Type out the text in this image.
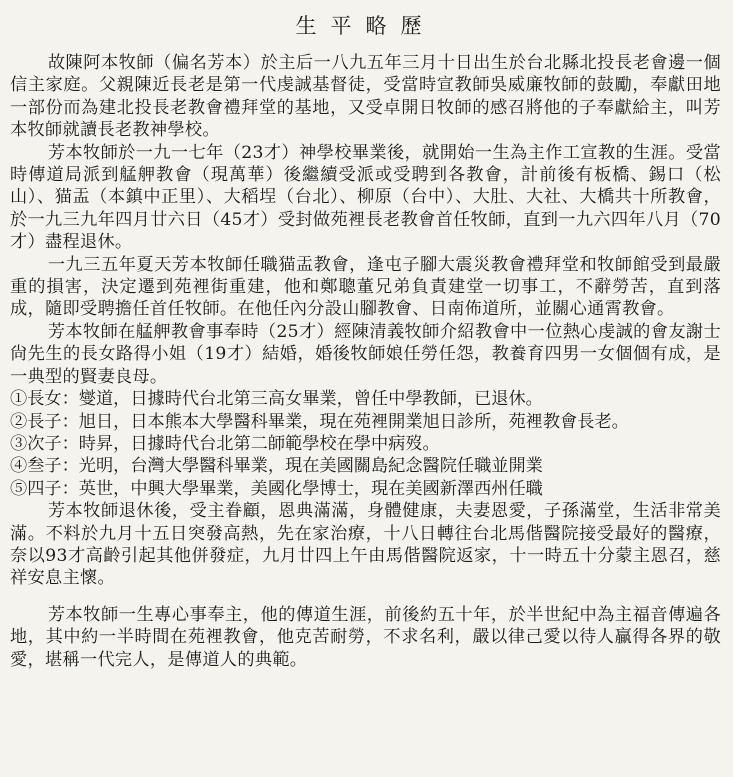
生平略歷

故陳阿本牧師（偏名芳本）於主后一八九五年三月十日出生於台北縣北投長老會邊一個信主家庭。父親陳近長老是第一代虔誠基督徒，受當時宣教師吳威廉牧師的鼓勵，奉獻田地一部份而為建北投長老教會禮拜堂的基地，又受卓開日牧師的感召將他的子奉獻給主，叫芳本牧師就讀長老教神學校。

芳本牧師於一九一七年（23才）神學校畢業後，就開始一生為主作工宣教的生涯。受當時傳道局派到艋舺教會（現萬華）後繼續受派或受聘到各教會，計前後有板橋、錫口（松山）、猫盂（本鎮中正里）、大稻埕（台北）、柳原（台中）、大肚、大社、大橋共十所教會，於一九三九年四月廿六日（45才）受封做苑裡長老教會首任牧師，直到一九六四年八月（70才）盡程退休。

一九三五年夏天芳本牧師任職猫盂教會，逢屯子腳大震災教會禮拜堂和牧師館受到最嚴重的損害，決定遷到苑裡街重建，他和鄭聰董兄弟負責建堂一切事工，不辭勞苦，直到落成，隨即受聘擔任首任牧師。在他任內分設山腳教會、日南佈道所，並關心通霄教會。

芳本牧師在艋舺教會事奉時（25才）經陳清義牧師介紹教會中一位熱心虔誠的會友謝士尙先生的長女路得小姐（19才）結婚，婚後牧師娘任勞任怨，教養育四男一女個個有成，是一典型的賢妻良母。

①長女： 燮道，日據時代台北第三高女畢業，曾任中學教師，已退休。
②長子： 旭日，日本熊本大學醫科畢業，現在苑裡開業旭日診所，苑裡教會長老。
③次子： 時昇，日據時代台北第二師範學校在學中病歿。
④叁子： 光明，台灣大學醫科畢業，現在美國關島紀念醫院任職並開業
⑤四子： 英世，中興大學畢業，美國化學博士，現在美國新澤西州任職

芳本牧師退休後，受主眷顧，恩典滿滿，身體健康，夫妻恩愛，子孫滿堂，生活非常美滿。不料於九月十五日突發高熱，先在家治療，十八日轉往台北馬偕醫院接受最好的醫療，奈以93才高齡引起其他併發症，九月廿四上午由馬偕醫院返家，十一時五十分蒙主恩召，慈祥安息主懷。

芳本牧師一生專心事奉主，他的傳道生涯，前後約五十年，於半世紀中為主福音傳遍各地，其中約一半時間在苑裡教會，他克苦耐勞，不求名利，嚴以律己愛以待人贏得各界的敬愛，堪稱一代完人，是傳道人的典範。
